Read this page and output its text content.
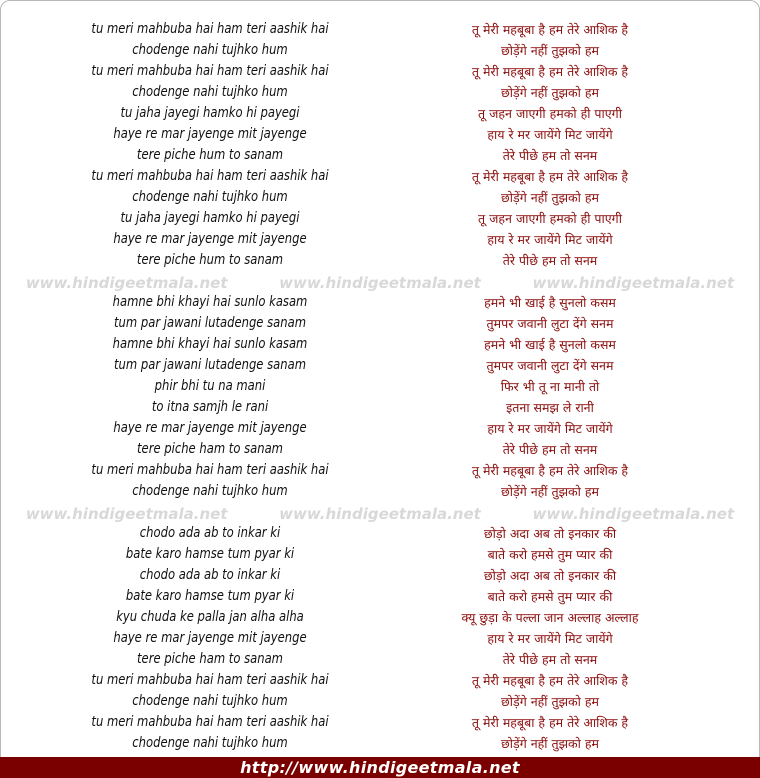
www.hindigeetmala.net	www.hindigeetmala.net	www.hindigeetmala.net
www.hindigeetmala.net	www.hindigeetmala.net	www.hindigeetmala.net
tu meri mahbuba hai ham teri aashik hai
chodenge nahi tujhko hum
tu meri mahbuba hai ham teri aashik hai
chodenge nahi tujhko hum
tu jaha jayegi hamko hi payegi
haye re mar jayenge mit jayenge
tere piche hum to sanam
tu meri mahbuba hai ham teri aashik hai
chodenge nahi tujhko hum
tu jaha jayegi hamko hi payegi
haye re mar jayenge mit jayenge
tere piche hum to sanam
hamne bhi khayi hai sunlo kasam
tum par jawani lutadenge sanam
hamne bhi khayi hai sunlo kasam
tum par jawani lutadenge sanam
phir bhi tu na mani
to itna samjh le rani
haye re mar jayenge mit jayenge
tere piche ham to sanam
tu meri mahbuba hai ham teri aashik hai
chodenge nahi tujhko hum
chodo ada ab to inkar ki
bate karo hamse tum pyar ki
chodo ada ab to inkar ki
bate karo hamse tum pyar ki
kyu chuda ke palla jan alha alha
haye re mar jayenge mit jayenge
tere piche ham to sanam
tu meri mahbuba hai ham teri aashik hai
chodenge nahi tujhko hum
tu meri mahbuba hai ham teri aashik hai
chodenge nahi tujhko hum
तू मेरी महबूबा है हम तेरे आशिक है
छोड़ेंगे नहीं तुझको हम
तू मेरी महबूबा है हम तेरे आशिक है
छोड़ेंगे नहीं तुझको हम
तू जहन जाएगी हमको ही पाएगी
हाय रे मर जायेंगे मिट जायेंगे
तेरे पीछे हम तो सनम
तू मेरी महबूबा है हम तेरे आशिक है
छोड़ेंगे नहीं तुझको हम
तू जहन जाएगी हमको ही पाएगी
हाय रे मर जायेंगे मिट जायेंगे
तेरे पीछे हम तो सनम
हमने भी खाई है सुनलो कसम
तुमपर जवानी लुटा देंगे सनम
हमने भी खाई है सुनलो कसम
तुमपर जवानी लुटा देंगे सनम
फिर भी तू ना मानी तो
इतना समझ ले रानी
हाय रे मर जायेंगे मिट जायेंगे
तेरे पीछे हम तो सनम
तू मेरी महबूबा है हम तेरे आशिक है
छोड़ेंगे नहीं तुझको हम
छोड़ो अदा अब तो इनकार की
बाते करो हमसे तुम प्यार की
छोड़ो अदा अब तो इनकार की
बाते करो हमसे तुम प्यार की
क्यू छुड़ा के पल्ला जान अल्लाह अल्लाह
हाय रे मर जायेंगे मिट जायेंगे
तेरे पीछे हम तो सनम
तू मेरी महबूबा है हम तेरे आशिक है
छोड़ेंगे नहीं तुझको हम
तू मेरी महबूबा है हम तेरे आशिक है
छोड़ेंगे नहीं तुझको हम
http://www.hindigeetmala.net
